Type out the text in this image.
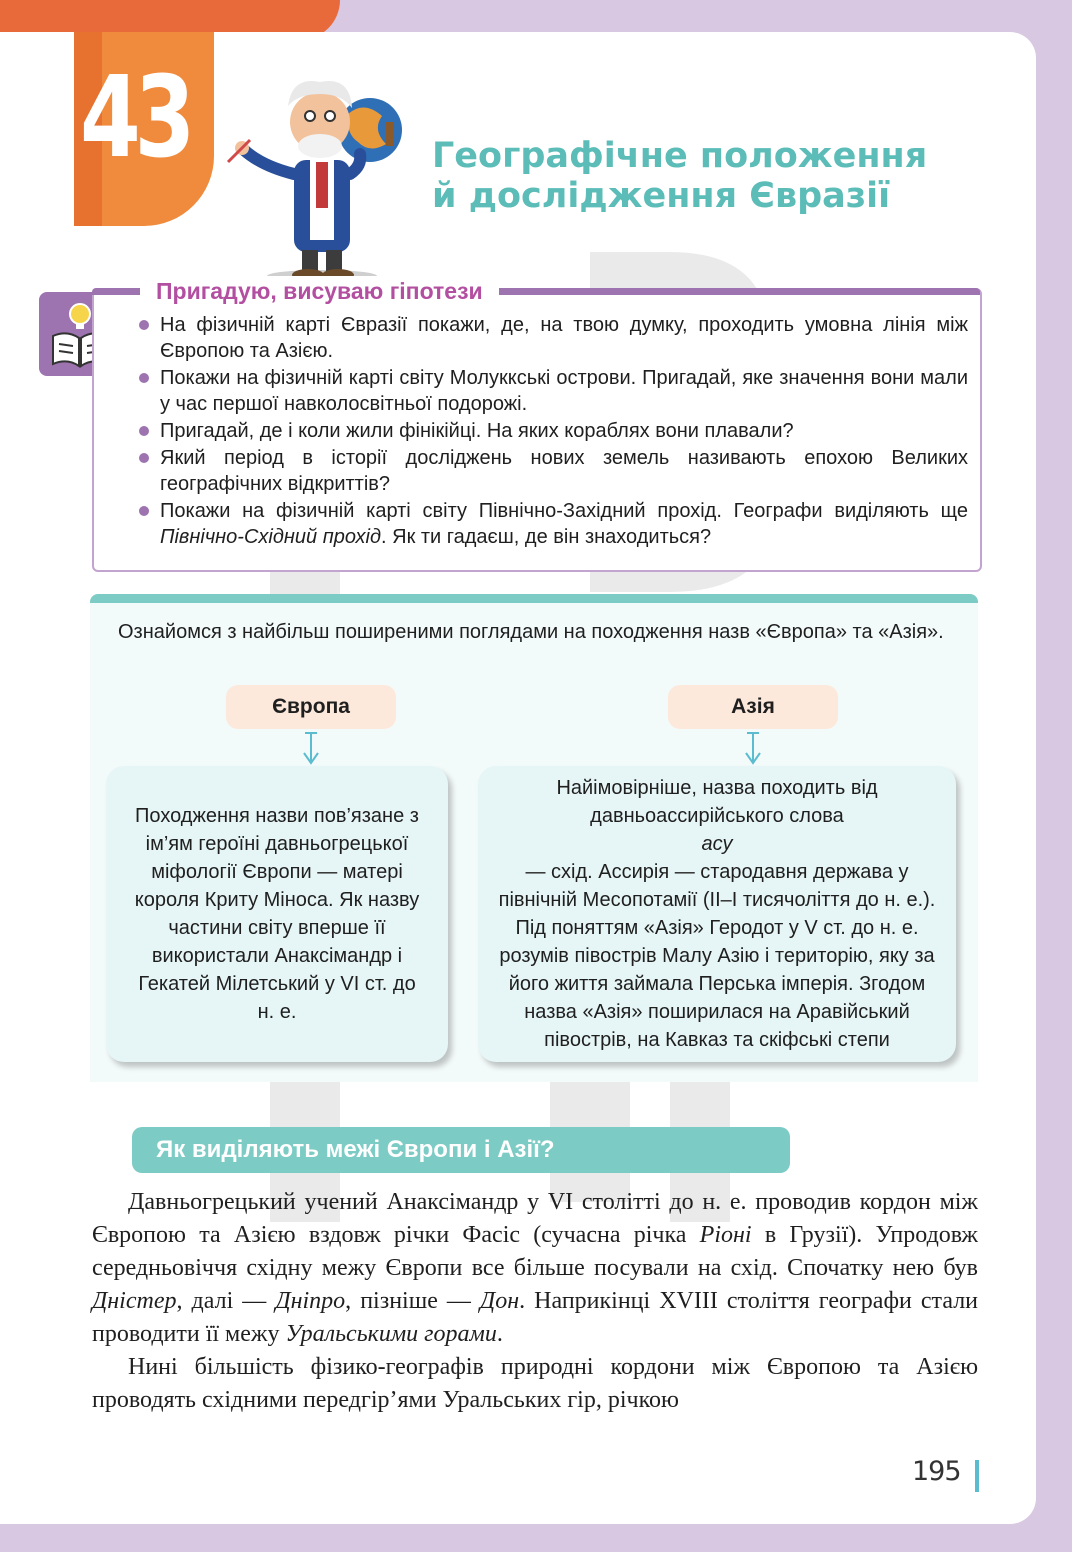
43	Географічне положення
й дослідження Євразії
Пригадую, висуваю гіпотези
На фізичній карті Євразії покажи, де, на твою думку, проходить умовна лінія між Європою та Азією.
Покажи на фізичній карті світу Молуккські острови. Пригадай, яке значення вони мали у час першої навколосвітньої подорожі.
Пригадай, де і коли жили фінікійці. На яких кораблях вони плавали?
Який період в історії досліджень нових земель називають епохою Великих географічних відкриттів?
Покажи на фізичній карті світу Північно-Західний прохід. Географи виділяють ще Північно-Східний прохід. Як ти гадаєш, де він знаходиться?
Ознайомся з найбільш поширеними поглядами на походження назв «Європа» та «Азія».
Європа	Азія
Походження назви пов’язане з ім’ям героїні давньогрецької міфології Європи — матері короля Криту Міноса. Як назву частини світу вперше її використали Анаксімандр і Гекатей Мілетський у VI ст. до н. е.
Найімовірніше, назва походить від давньоассирійського слова
асу
— схід. Ассирія — стародавня держава у північній Месопотамії (II–I тисячоліття до н. е.). Під поняттям «Азія» Геродот у V ст. до н. е. розумів півострів Малу Азію і територію, яку за його життя займала Перська імперія. Згодом назва «Азія» поширилася на Аравійський півострів, на Кавказ та скіфські степи
Як виділяють межі Європи і Азії?

Давньогрецький учений Анаксімандр у VI столітті до н. е. проводив кордон між Європою та Азією вздовж річки Фасіс (сучасна річка Ріоні в Грузії). Упродовж середньовіччя східну межу Європи все більше посували на схід. Спочатку нею був Дністер, далі — Дніпро, пізніше — Дон. Наприкінці XVIII століття географи стали проводити її межу Уральськими горами.

Нині більшість фізико-географів природні кордони між Європою та Азією проводять східними передгір’ями Уральських гір, річкою

195
